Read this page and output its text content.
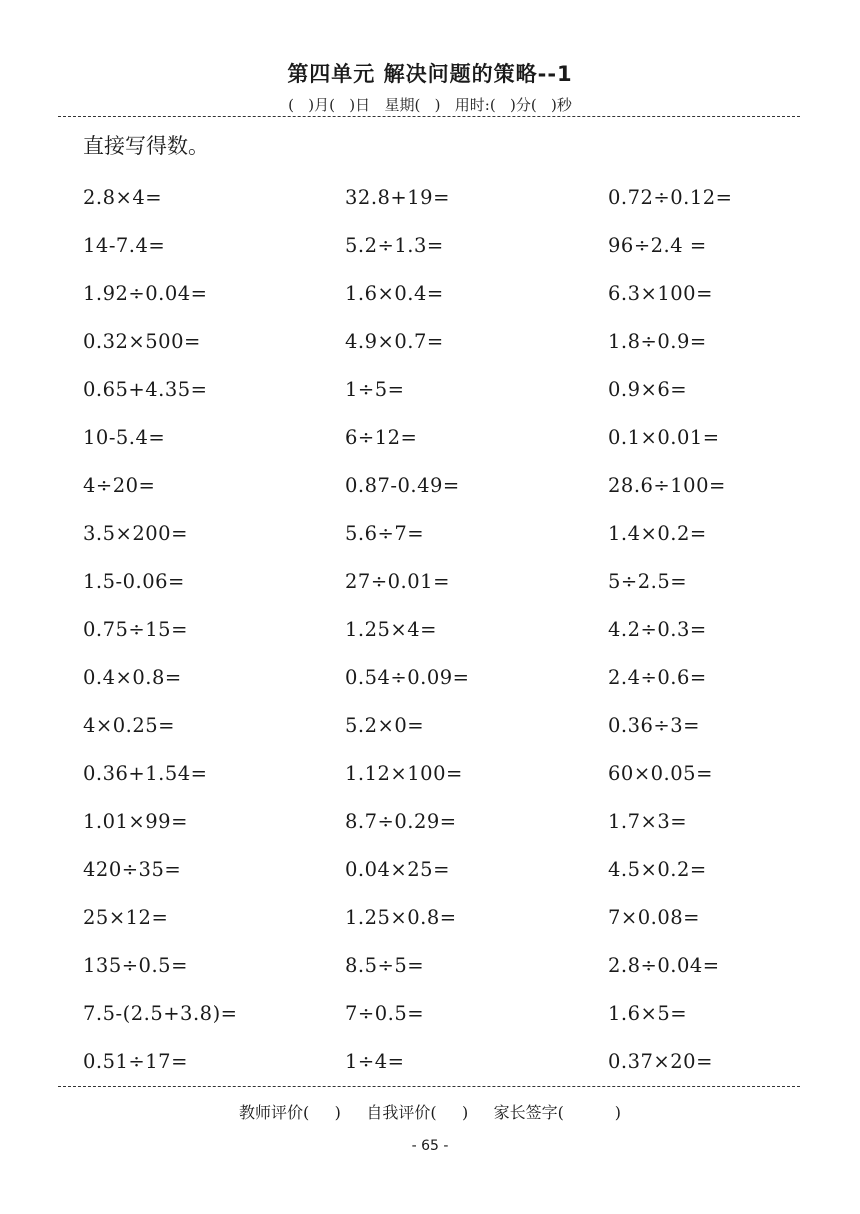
第四单元 解决问题的策略--1
(   )月(   )日   星期(   )   用时:(   )分(   )秒
直接写得数。
2.8×4=	32.8+19=	0.72÷0.12=
14-7.4=	5.2÷1.3=	96÷2.4 =
1.92÷0.04=	1.6×0.4=	6.3×100=
0.32×500=	4.9×0.7=	1.8÷0.9=
0.65+4.35=	1÷5=	0.9×6=
10-5.4=	6÷12=	0.1×0.01=
4÷20=	0.87-0.49=	28.6÷100=
3.5×200=	5.6÷7=	1.4×0.2=
1.5-0.06=	27÷0.01=	5÷2.5=
0.75÷15=	1.25×4=	4.2÷0.3=
0.4×0.8=	0.54÷0.09=	2.4÷0.6=
4×0.25=	5.2×0=	0.36÷3=
0.36+1.54=	1.12×100=	60×0.05=
1.01×99=	8.7÷0.29=	1.7×3=
420÷35=	0.04×25=	4.5×0.2=
25×12=	1.25×0.8=	7×0.08=
135÷0.5=	8.5÷5=	2.8÷0.04=
7.5-(2.5+3.8)=	7÷0.5=	1.6×5=
0.51÷17=	1÷4=	0.37×20=
教师评价(     )     自我评价(     )     家长签字(          )
- 65 -
